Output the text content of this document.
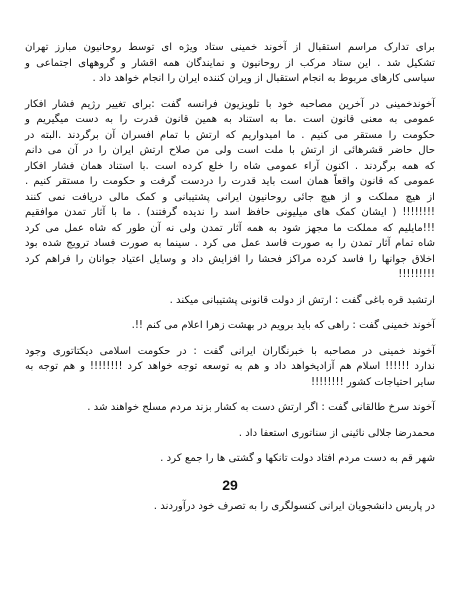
برای تدارک مراسم استقبال از آخوند خمینی ستاد ویژه ای توسط روحانیون مبارز تهران
تشکیل شد . این ستاد مرکب از روحانیون و نمایندگان همه اقشار و گروههای اجتماعی و
سیاسی کارهای مربوط به انجام استقبال از ویران کننده ایران را انجام خواهد داد .

آخوندخمینی در آخرین مصاحبه خود با تلویزیون فرانسه گفت :برای تغییر رژیم فشار افکار
عمومی به معنی قانون است .ما به استناد به همین قانون قدرت را به دست میگیریم و
حکومت را مستقر می کنیم . ما امیدواریم که ارتش با تمام افسران آن برگردند .البته در
حال حاضر قشرهائی از ارتش با ملت است ولی من صلاح ارتش ایران را در آن می دانم
که همه برگردند . اکنون آراء عمومی شاه را خلع کرده است .با استناد همان فشار افکار
عمومی که قانون واقعاً همان است باید قدرت را دردست گرفت و حکومت را مستقر کنیم .
از هیچ مملکت و از هیچ جائی روحانیون ایرانی پشتیبانی و کمک مالی دریافت نمی کنند
!!!!!!!! ( ایشان کمک های میلیونی حافظ اسد را ندیده گرفتند) . ما با آثار تمدن موافقیم
!!!مایلیم که مملکت ما مجهز شود به همه آثار تمدن ولی نه آن طور که شاه عمل می کرد
شاه تمام آثار تمدن را به صورت فاسد عمل می کرد . سینما به صورت فساد ترویج شده بود
اخلاق جوانها را فاسد کرده مراکز فحشا را افزایش داد و وسایل اعتیاد جوانان را فراهم کرد
!!!!!!!!!

ارتشبد قره باغی گفت : ارتش از دولت قانونی پشتیبانی میکند .

آخوند خمینی گفت : راهی که باید برویم در بهشت زهرا اعلام می کنم !!.

آخوند خمینی در مصاحبه با خبرنگاران ایرانی گفت : در حکومت اسلامی دیکتاتوری وجود
ندارد !!!!!! اسلام هم آزادیخواهد داد و هم به توسعه توجه خواهد کرد !!!!!!!! و هم توجه به
سایر احتیاجات کشور !!!!!!!!

آخوند سرخ طالقانی گفت : اگر ارتش دست به کشار بزند مردم مسلح خواهند شد .

محمدرضا جلالی نائینی از سناتوری استعفا داد .

شهر قم به دست مردم افتاد دولت تانکها و گشتی ها را جمع کرد .

29

در پاریس دانشجویان ایرانی کنسولگری را به تصرف خود درآوردند .
